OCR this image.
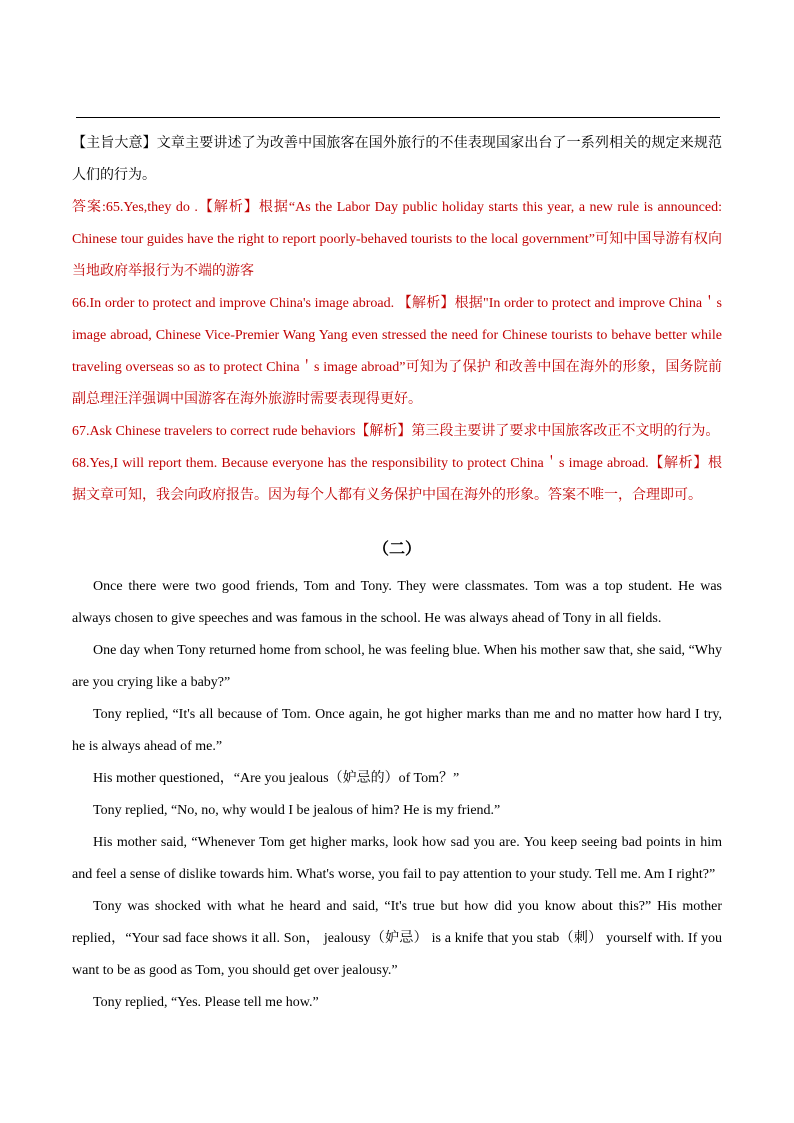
【主旨大意】文章主要讲述了为改善中国旅客在国外旅行的不佳表现国家出台了一系列相关的规定来规范人们的行为。

答案:65.Yes,they do .【解析】根据“As the Labor Day public holiday starts this year, a new rule is announced: Chinese tour guides have the right to report poorly-behaved tourists to the local government”可知中国导游有权向当地政府举报行为不端的游客

66.In order to protect and improve China's image abroad. 【解析】根据"In order to protect and improve China＇s image abroad, Chinese Vice-Premier Wang Yang even stressed the need for Chinese tourists to behave better while traveling overseas so as to protect China＇s image abroad”可知为了保护 和改善中国在海外的形象，国务院前副总理汪洋强调中国游客在海外旅游时需要表现得更好。

67.Ask Chinese travelers to correct rude behaviors【解析】第三段主要讲了要求中国旅客改正不文明的行为。

68.Yes,I will report them. Because everyone has the responsibility to protect China＇s image abroad.【解析】根据文章可知，我会向政府报告。因为每个人都有义务保护中国在海外的形象。答案不唯一，合理即可。

（二）

Once there were two good friends, Tom and Tony. They were classmates. Tom was a top student. He was always chosen to give speeches and was famous in the school. He was always ahead of Tony in all fields.

One day when Tony returned home from school, he was feeling blue. When his mother saw that, she said, “Why are you crying like a baby?”

Tony replied, “It's all because of Tom. Once again, he got higher marks than me and no matter how hard I try, he is always ahead of me.”

His mother questioned，“Are you jealous（妒忌的）of Tom？”

Tony replied, “No, no, why would I be jealous of him? He is my friend.”

His mother said, “Whenever Tom get higher marks, look how sad you are. You keep seeing bad points in him and feel a sense of dislike towards him. What's worse, you fail to pay attention to your study. Tell me. Am I right?”

Tony was shocked with what he heard and said, “It's true but how did you know about this?” His mother replied，“Your sad face shows it all. Son， jealousy（妒忌） is a knife that you stab（刺） yourself with. If you want to be as good as Tom, you should get over jealousy.”

Tony replied, “Yes. Please tell me how.”
